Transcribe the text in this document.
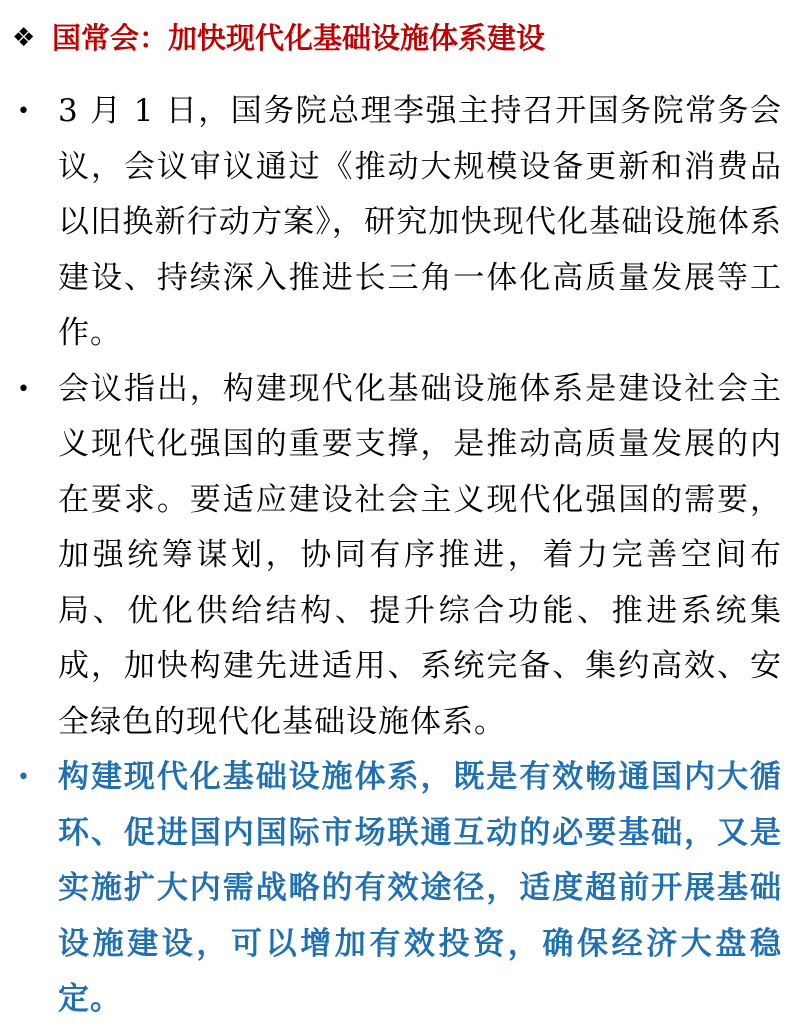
❖ 国常会：加快现代化基础设施体系建设
• 3 月 1 日，国务院总理李强主持召开国务院常务会议，会议审议通过《推动大规模设备更新和消费品以旧换新行动方案》，研究加快现代化基础设施体系建设、持续深入推进长三角一体化高质量发展等工作。
• 会议指出，构建现代化基础设施体系是建设社会主义现代化强国的重要支撑，是推动高质量发展的内在要求。要适应建设社会主义现代化强国的需要，加强统筹谋划，协同有序推进，着力完善空间布局、优化供给结构、提升综合功能、推进系统集成，加快构建先进适用、系统完备、集约高效、安全绿色的现代化基础设施体系。
• 构建现代化基础设施体系，既是有效畅通国内大循环、促进国内国际市场联通互动的必要基础，又是实施扩大内需战略的有效途径，适度超前开展基础设施建设，可以增加有效投资，确保经济大盘稳定。
